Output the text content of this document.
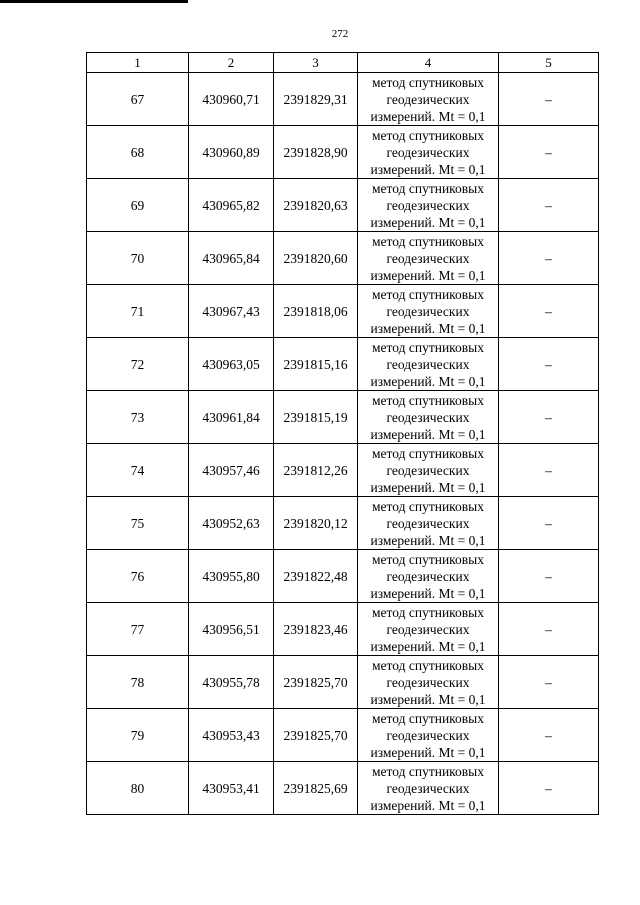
272
1	2	3	4	5
67	430960,71	2391829,31	метод спутниковых
геодезических
измерений. Mt = 0,1	–
68	430960,89	2391828,90	метод спутниковых
геодезических
измерений. Mt = 0,1	–
69	430965,82	2391820,63	метод спутниковых
геодезических
измерений. Mt = 0,1	–
70	430965,84	2391820,60	метод спутниковых
геодезических
измерений. Mt = 0,1	–
71	430967,43	2391818,06	метод спутниковых
геодезических
измерений. Mt = 0,1	–
72	430963,05	2391815,16	метод спутниковых
геодезических
измерений. Mt = 0,1	–
73	430961,84	2391815,19	метод спутниковых
геодезических
измерений. Mt = 0,1	–
74	430957,46	2391812,26	метод спутниковых
геодезических
измерений. Mt = 0,1	–
75	430952,63	2391820,12	метод спутниковых
геодезических
измерений. Mt = 0,1	–
76	430955,80	2391822,48	метод спутниковых
геодезических
измерений. Mt = 0,1	–
77	430956,51	2391823,46	метод спутниковых
геодезических
измерений. Mt = 0,1	–
78	430955,78	2391825,70	метод спутниковых
геодезических
измерений. Mt = 0,1	–
79	430953,43	2391825,70	метод спутниковых
геодезических
измерений. Mt = 0,1	–
80	430953,41	2391825,69	метод спутниковых
геодезических
измерений. Mt = 0,1	–
